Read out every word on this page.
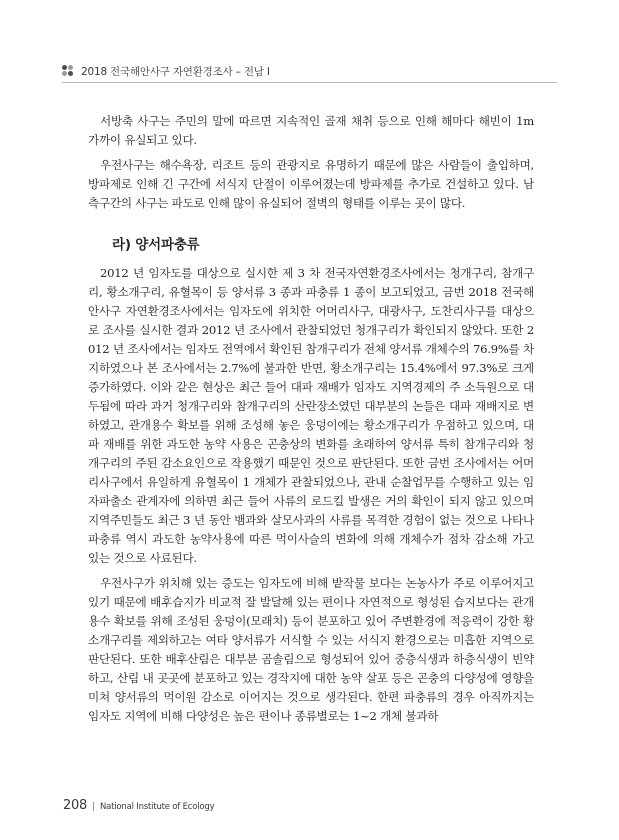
2018 전국해안사구 자연환경조사 – 전남 I

서방축 사구는 주민의 말에 따르면 지속적인 골재 채취 등으로 인해 해마다 해빈이 1m 가까이 유실되고 있다.

우전사구는 해수욕장, 리조트 등의 관광지로 유명하기 때문에 많은 사람들이 출입하며, 방파제로 인해 긴 구간에 서식지 단절이 이루어졌는데 방파제를 추가로 건설하고 있다. 남측구간의 사구는 파도로 인해 많이 유실되어 절벽의 형태를 이루는 곳이 많다.

라) 양서파충류

2012 년 임자도를 대상으로 실시한 제 3 차 전국자연환경조사에서는 청개구리, 참개구리, 황소개구리, 유혈목이 등 양서류 3 종과 파충류 1 종이 보고되었고, 금번 2018 전국해안사구 자연환경조사에서는 임자도에 위치한 어머리사구, 대광사구, 도찬리사구를 대상으로 조사를 실시한 결과 2012 년 조사에서 관찰되었던 청개구리가 확인되지 않았다. 또한 2012 년 조사에서는 임자도 전역에서 확인된 참개구리가 전체 양서류 개체수의 76.9%를 차지하였으나 본 조사에서는 2.7%에 불과한 반면, 황소개구리는 15.4%에서 97.3%로 크게 증가하였다. 이와 같은 현상은 최근 들어 대파 재배가 임자도 지역경제의 주 소득원으로 대두됨에 따라 과거 청개구리와 참개구리의 산란장소였던 대부분의 논들은 대파 재배지로 변하였고, 관개용수 확보를 위해 조성해 놓은 웅덩이에는 황소개구리가 우점하고 있으며, 대파 재배를 위한 과도한 농약 사용은 곤충상의 변화를 초래하여 양서류 특히 참개구리와 청개구리의 주된 감소요인으로 작용했기 때문인 것으로 판단된다. 또한 금번 조사에서는 어머리사구에서 유일하게 유혈목이 1 개체가 관찰되었으나, 관내 순찰업무를 수행하고 있는 임자파출소 관계자에 의하면 최근 들어 사류의 로드킬 발생은 거의 확인이 되지 않고 있으며 지역주민들도 최근 3 년 동안 뱀과와 살모사과의 사류를 목격한 경험이 없는 것으로 나타나 파충류 역시 과도한 농약사용에 따른 먹이사슬의 변화에 의해 개체수가 점차 감소해 가고 있는 것으로 사료된다.

우전사구가 위치해 있는 증도는 임자도에 비해 밭작물 보다는 논농사가 주로 이루어지고 있기 때문에 배후습지가 비교적 잘 발달해 있는 편이나 자연적으로 형성된 습지보다는 관개용수 확보를 위해 조성된 웅덩이(모래치) 등이 분포하고 있어 주변환경에 적응력이 강한 황소개구리를 제외하고는 여타 양서류가 서식할 수 있는 서식지 환경으로는 미흡한 지역으로 판단된다. 또한 배후산림은 대부분 곰솔림으로 형성되어 있어 중층식생과 하층식생이 빈약하고, 산림 내 곳곳에 분포하고 있는 경작지에 대한 농약 살포 등은 곤충의 다양성에 영향을 미쳐 양서류의 먹이원 감소로 이어지는 것으로 생각된다. 한편 파충류의 경우 아직까지는 임자도 지역에 비해 다양성은 높은 편이나 종류별로는 1~2 개체 불과하

208 | National Institute of Ecology
